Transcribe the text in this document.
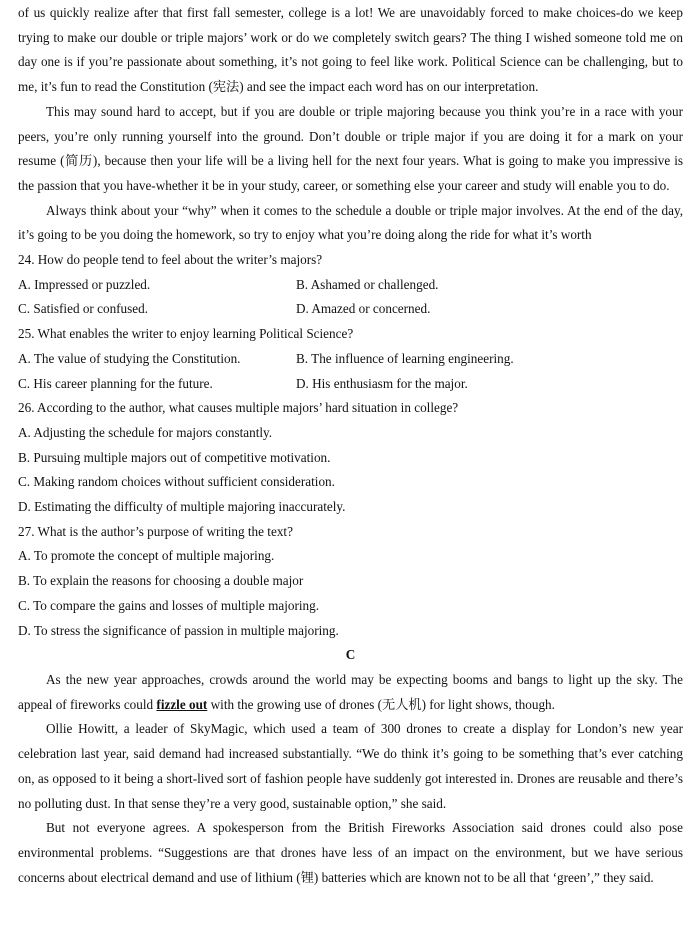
of us quickly realize after that first fall semester, college is a lot! We are unavoidably forced to make choices-do we keep trying to make our double or triple majors’ work or do we completely switch gears? The thing I wished someone told me on day one is if you’re passionate about something, it’s not going to feel like work. Political Science can be challenging, but to me, it’s fun to read the Constitution (宪法) and see the impact each word has on our interpretation.

This may sound hard to accept, but if you are double or triple majoring because you think you’re in a race with your peers, you’re only running yourself into the ground. Don’t double or triple major if you are doing it for a mark on your resume (简历), because then your life will be a living hell for the next four years. What is going to make you impressive is the passion that you have-whether it be in your study, career, or something else your career and study will enable you to do.

Always think about your “why” when it comes to the schedule a double or triple major involves. At the end of the day, it’s going to be you doing the homework, so try to enjoy what you’re doing along the ride for what it’s worth

24. How do people tend to feel about the writer’s majors?

A. Impressed or puzzled.	B. Ashamed or challenged.
C. Satisfied or confused.	D. Amazed or concerned.

25. What enables the writer to enjoy learning Political Science?

A. The value of studying the Constitution.	B. The influence of learning engineering.
C. His career planning for the future.	D. His enthusiasm for the major.

26. According to the author, what causes multiple majors’ hard situation in college?

A. Adjusting the schedule for majors constantly.

B. Pursuing multiple majors out of competitive motivation.

C. Making random choices without sufficient consideration.

D. Estimating the difficulty of multiple majoring inaccurately.

27. What is the author’s purpose of writing the text?

A. To promote the concept of multiple majoring.

B. To explain the reasons for choosing a double major

C. To compare the gains and losses of multiple majoring.

D. To stress the significance of passion in multiple majoring.

C

As the new year approaches, crowds around the world may be expecting booms and bangs to light up the sky. The appeal of fireworks could fizzle out with the growing use of drones (无人机) for light shows, though.

Ollie Howitt, a leader of SkyMagic, which used a team of 300 drones to create a display for London’s new year celebration last year, said demand had increased substantially. “We do think it’s going to be something that’s ever catching on, as opposed to it being a short-lived sort of fashion people have suddenly got interested in. Drones are reusable and there’s no polluting dust. In that sense they’re a very good, sustainable option,” she said.

But not everyone agrees. A spokesperson from the British Fireworks Association said drones could also pose environmental problems. “Suggestions are that drones have less of an impact on the environment, but we have serious concerns about electrical demand and use of lithium (锂) batteries which are known not to be all that ‘green’,” they said.
